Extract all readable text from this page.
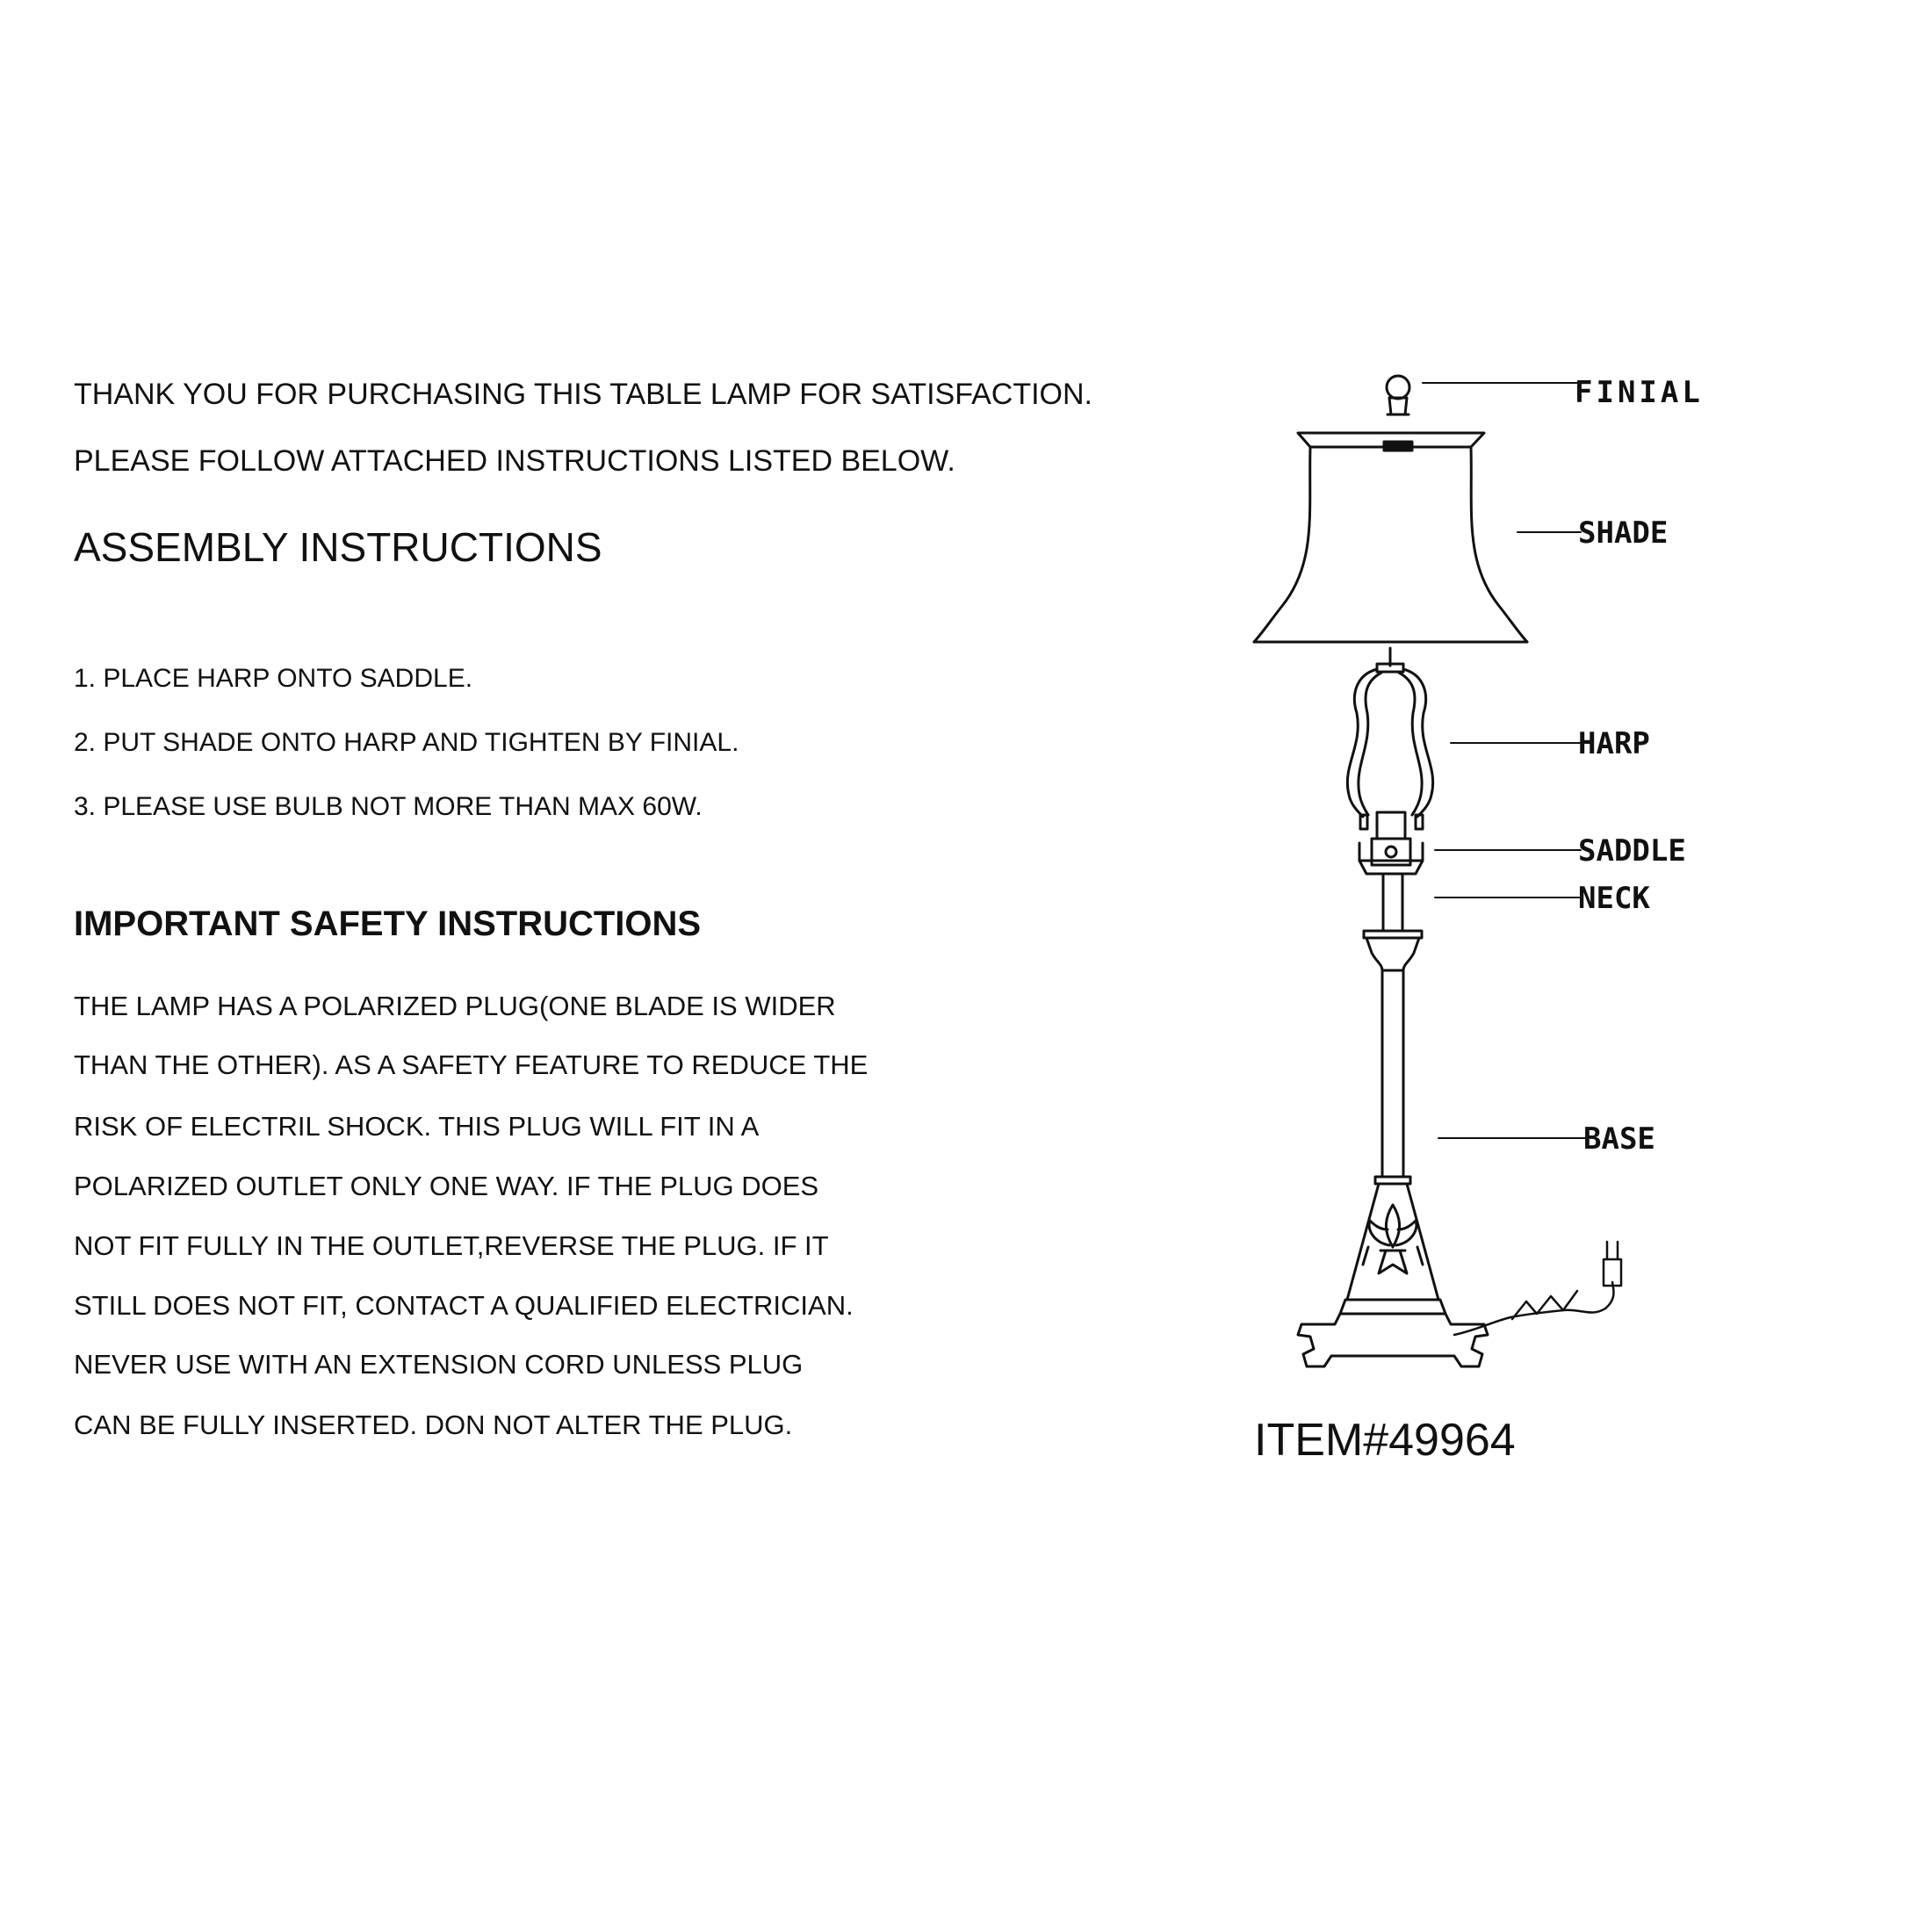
THANK YOU FOR PURCHASING THIS TABLE LAMP FOR SATISFACTION.

PLEASE FOLLOW ATTACHED INSTRUCTIONS LISTED BELOW.

ASSEMBLY INSTRUCTIONS

1. PLACE HARP ONTO SADDLE.

2. PUT SHADE ONTO HARP AND TIGHTEN BY FINIAL.

3. PLEASE USE BULB NOT MORE THAN MAX 60W.

IMPORTANT SAFETY INSTRUCTIONS

THE LAMP HAS A POLARIZED PLUG(ONE BLADE IS WIDER

THAN THE OTHER). AS A SAFETY FEATURE TO REDUCE THE

RISK OF ELECTRIL SHOCK. THIS PLUG WILL FIT IN A

POLARIZED OUTLET ONLY ONE WAY. IF THE PLUG DOES

NOT FIT FULLY IN THE OUTLET,REVERSE THE PLUG. IF IT

STILL DOES NOT FIT, CONTACT A QUALIFIED ELECTRICIAN.

NEVER USE WITH AN EXTENSION CORD UNLESS PLUG

CAN BE FULLY INSERTED. DON NOT ALTER THE PLUG.

FINIAL
SHADE
HARP
SADDLE
NECK
BASE

ITEM#49964
